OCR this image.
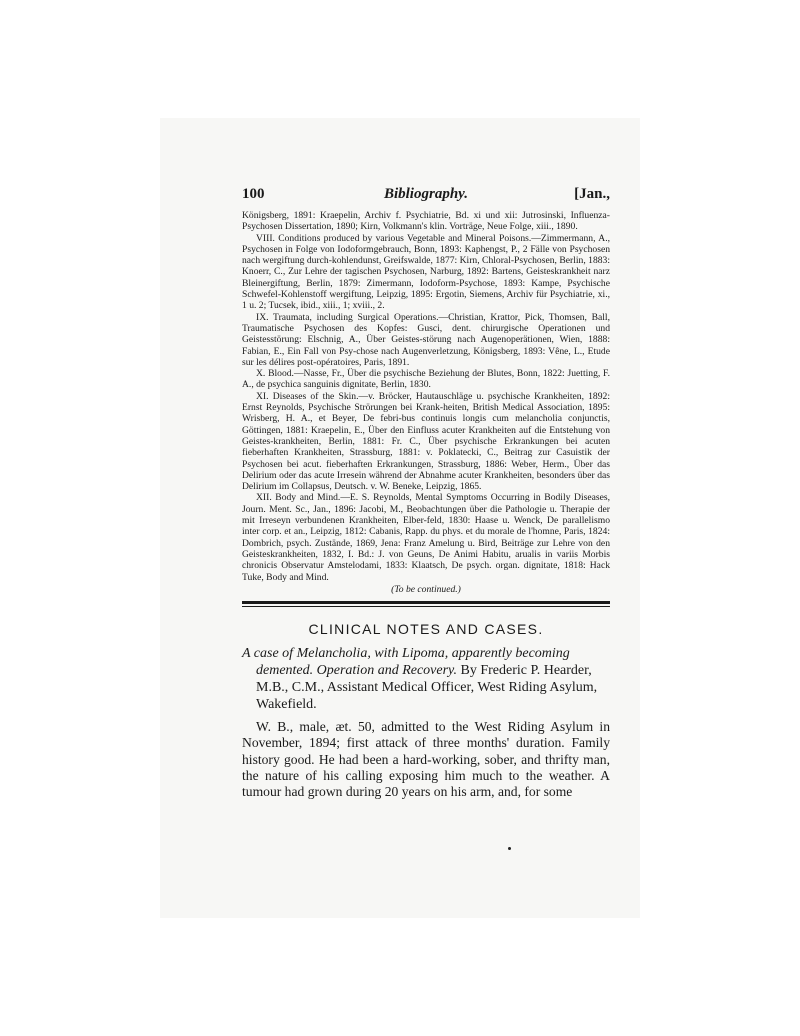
100	Bibliography.	[Jan.,

Königsberg, 1891: Kraepelin, Archiv f. Psychiatrie, Bd. xi und xii: Jutrosinski, Influenza-Psychosen Dissertation, 1890; Kirn, Volkmann's klin. Vorträge, Neue Folge, xiii., 1890.

VIII. Conditions produced by various Vegetable and Mineral Poisons.—Zimmermann, A., Psychosen in Folge von Iodoformgebrauch, Bonn, 1893: Kaphengst, P., 2 Fälle von Psychosen nach wergiftung durch-kohlendunst, Greifswalde, 1877: Kirn, Chloral-Psychosen, Berlin, 1883: Knoerr, C., Zur Lehre der tagischen Psychosen, Narburg, 1892: Bartens, Geisteskrankheit narz Bleinergiftung, Berlin, 1879: Zimermann, Iodoform-Psychose, 1893: Kampe, Psychische Schwefel-Kohlenstoff wergiftung, Leipzig, 1895: Ergotin, Siemens, Archiv für Psychiatrie, xi., 1 u. 2; Tucsek, ibid., xiii., 1; xviii., 2.

IX. Traumata, including Surgical Operations.—Christian, Krattor, Pick, Thomsen, Ball, Traumatische Psychosen des Kopfes: Gusci, dent. chirurgische Operationen und Geistesstörung: Elschnig, A., Über Geistes-störung nach Augenoperätionen, Wien, 1888: Fabian, E., Ein Fall von Psy-chose nach Augenverletzung, Königsberg, 1893: Vêne, L., Etude sur les délires post-opératoires, Paris, 1891.

X. Blood.—Nasse, Fr., Über die psychische Beziehung der Blutes, Bonn, 1822: Juetting, F. A., de psychica sanguinis dignitate, Berlin, 1830.

XI. Diseases of the Skin.—v. Bröcker, Hautauschläge u. psychische Krankheiten, 1892: Ernst Reynolds, Psychische Strörungen bei Krank-heiten, British Medical Association, 1895: Wrisberg, H. A., et Beyer, De febri-bus continuis longis cum melancholia conjunctis, Göttingen, 1881: Kraepelin, E., Über den Einfluss acuter Krankheiten auf die Entstehung von Geistes-krankheiten, Berlin, 1881: Fr. C., Über psychische Erkrankungen bei acuten fieberhaften Krankheiten, Strassburg, 1881: v. Poklatecki, C., Beitrag zur Casuistik der Psychosen bei acut. fieberhaften Erkrankungen, Strassburg, 1886: Weber, Herm., Über das Delirium oder das acute Irresein während der Abnahme acuter Krankheiten, besonders über das Delirium im Collapsus, Deutsch. v. W. Beneke, Leipzig, 1865.

XII. Body and Mind.—E. S. Reynolds, Mental Symptoms Occurring in Bodily Diseases, Journ. Ment. Sc., Jan., 1896: Jacobi, M., Beobachtungen über die Pathologie u. Therapie der mit Irreseyn verbundenen Krankheiten, Elber-feld, 1830: Haase u. Wenck, De parallelismo inter corp. et an., Leipzig, 1812: Cabanis, Rapp. du phys. et du morale de l'homne, Paris, 1824: Dombrich, psych. Zustände, 1869, Jena: Franz Amelung u. Bird, Beiträge zur Lehre von den Geisteskrankheiten, 1832, I. Bd.: J. von Geuns, De Animi Habitu, arualis in variis Morbis chronicis Observatur Amstelodami, 1833: Klaatsch, De psych. organ. dignitate, 1818: Hack Tuke, Body and Mind.

(To be continued.)
CLINICAL NOTES AND CASES.

A case of Melancholia, with Lipoma, apparently becoming demented. Operation and Recovery. By Frederic P. Hearder, M.B., C.M., Assistant Medical Officer, West Riding Asylum, Wakefield.

W. B., male, æt. 50, admitted to the West Riding Asylum in November, 1894; first attack of three months' duration. Family history good. He had been a hard-working, sober, and thrifty man, the nature of his calling exposing him much to the weather. A tumour had grown during 20 years on his arm, and, for some
